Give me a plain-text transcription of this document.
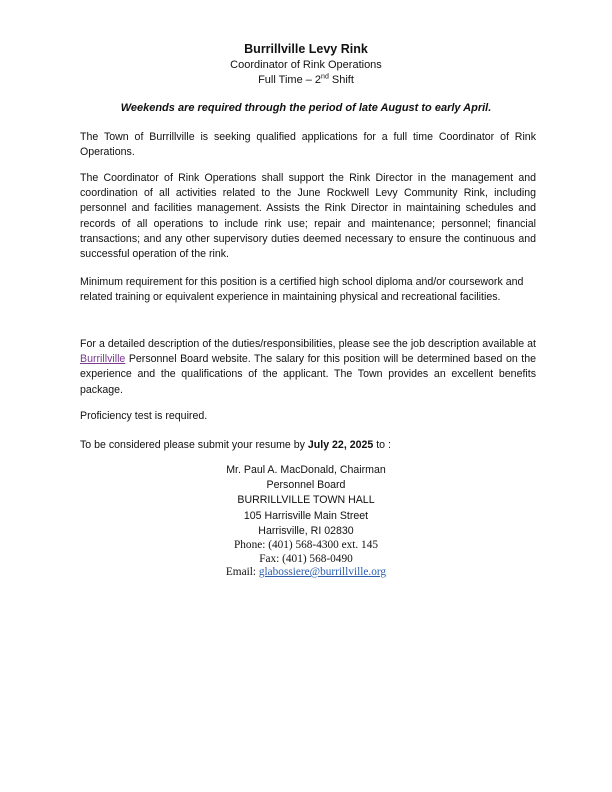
Burrillville Levy Rink
Coordinator of Rink Operations
Full Time – 2nd Shift
Weekends are required through the period of late August to early April.

The Town of Burrillville is seeking qualified applications for a full time Coordinator of Rink Operations.

The Coordinator of Rink Operations shall support the Rink Director in the management and coordination of all activities related to the June Rockwell Levy Community Rink, including personnel and facilities management. Assists the Rink Director in maintaining schedules and records of all operations to include rink use; repair and maintenance; personnel; financial transactions; and any other supervisory duties deemed necessary to ensure the continuous and successful operation of the rink.

Minimum requirement for this position is a certified high school diploma and/or coursework and related training or equivalent experience in maintaining physical and recreational facilities.

For a detailed description of the duties/responsibilities, please see the job description available at Burrillville Personnel Board website. The salary for this position will be determined based on the experience and the qualifications of the applicant. The Town provides an excellent benefits package.

Proficiency test is required.

To be considered please submit your resume by July 22, 2025 to :

Mr. Paul A. MacDonald, Chairman
Personnel Board
BURRILLVILLE TOWN HALL
105 Harrisville Main Street
Harrisville, RI 02830
Phone: (401) 568-4300 ext. 145
Fax: (401) 568-0490
Email: glabossiere@burrillville.org
